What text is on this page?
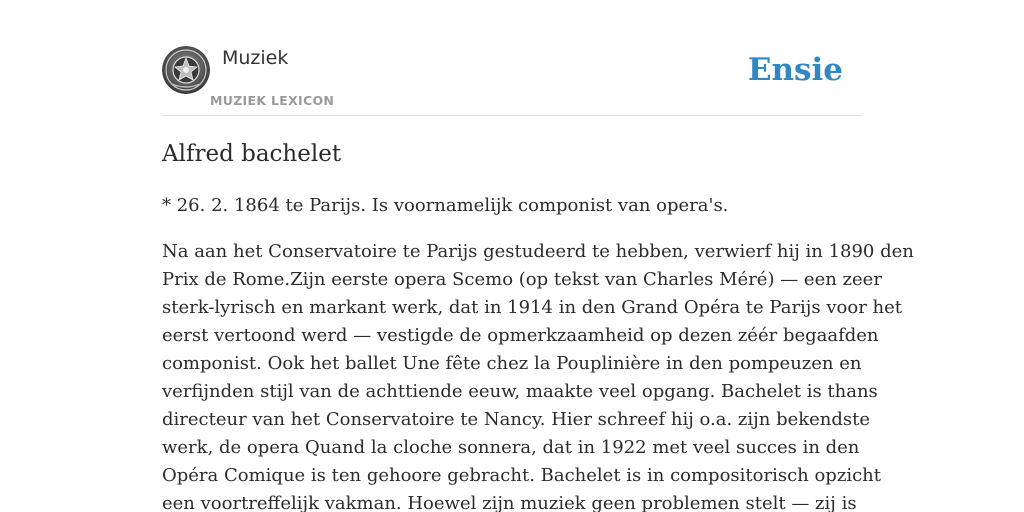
Muziek
MUZIEK LEXICON
Ensie
Alfred bachelet

* 26. 2. 1864 te Parijs. Is voornamelijk componist van opera's.

Na aan het Conservatoire te Parijs gestudeerd te hebben, verwierf hij in 1890 den
Prix de Rome.Zijn eerste opera Scemo (op tekst van Charles Méré) — een zeer
sterk-lyrisch en markant werk, dat in 1914 in den Grand Opéra te Parijs voor het
eerst vertoond werd — vestigde de opmerkzaamheid op dezen zéér begaafden
componist. Ook het ballet Une fête chez la Pouplinière in den pompeuzen en
verfijnden stijl van de achttiende eeuw, maakte veel opgang. Bachelet is thans
directeur van het Conservatoire te Nancy. Hier schreef hij o.a. zijn bekendste
werk, de opera Quand la cloche sonnera, dat in 1922 met veel succes in den
Opéra Comique is ten gehoore gebracht. Bachelet is in compositorisch opzicht
een voortreffelijk vakman. Hoewel zijn muziek geen problemen stelt — zij is
